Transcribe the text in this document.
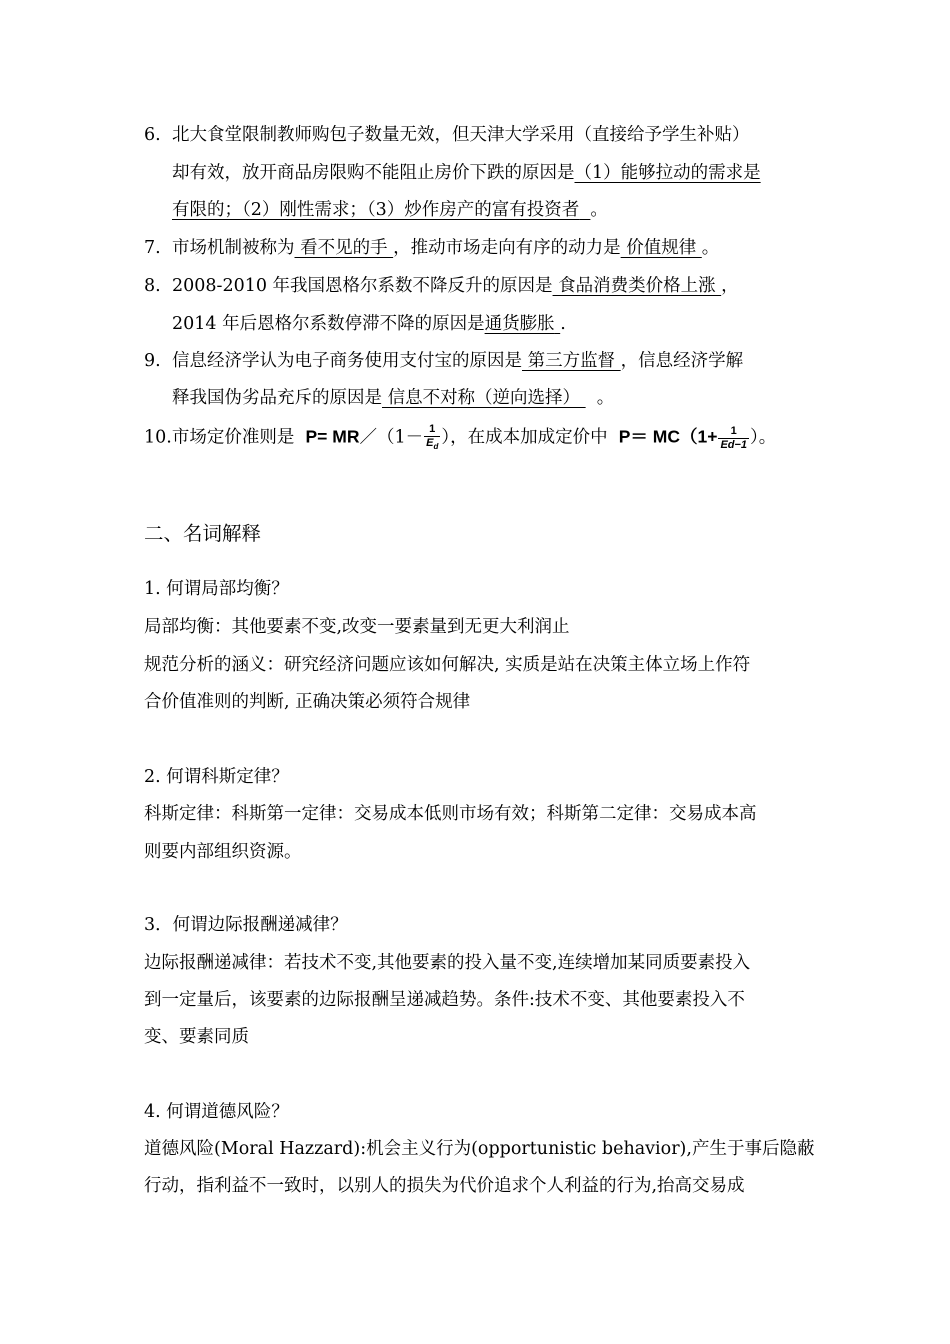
6. 北大食堂限制教师购包子数量无效，但天津大学采用（直接给予学生补贴）
却有效，放开商品房限购不能阻止房价下跌的原因是（1）能够拉动的需求是
有限的；（2）刚性需求；（3）炒作房产的富有投资者 。
7. 市场机制被称为 看不见的手 ，推动市场走向有序的动力是 价值规律 。
8. 2008-2010 年我国恩格尔系数不降反升的原因是 食品消费类价格上涨 ，
2014 年后恩格尔系数停滞不降的原因是通货膨胀 .
9. 信息经济学认为电子商务使用支付宝的原因是 第三方监督 ，信息经济学解
释我国伪劣品充斥的原因是 信息不对称（逆向选择）   。
10.市场定价准则是 P= MR／（1－ $\frac{1}{E_d}$ ），在成本加成定价中 $P= MC(1+ \frac{1}{Ed-1}$ ）。
二、名词解释
1. 何谓局部均衡？
局部均衡：其他要素不变,改变一要素量到无更大利润止
规范分析的涵义：研究经济问题应该如何解决, 实质是站在决策主体立场上作符
合价值准则的判断, 正确决策必须符合规律
2. 何谓科斯定律？
科斯定律：科斯第一定律：交易成本低则市场有效；科斯第二定律：交易成本高
则要内部组织资源。
3．何谓边际报酬递减律？
边际报酬递减律：若技术不变,其他要素的投入量不变,连续增加某同质要素投入
到一定量后，该要素的边际报酬呈递减趋势。条件:技术不变、其他要素投入不
变、要素同质
4. 何谓道德风险？
道德风险(Moral Hazzard):机会主义行为(opportunistic behavior),产生于事后隐蔽
行动，指利益不一致时，以别人的损失为代价追求个人利益的行为,抬高交易成
